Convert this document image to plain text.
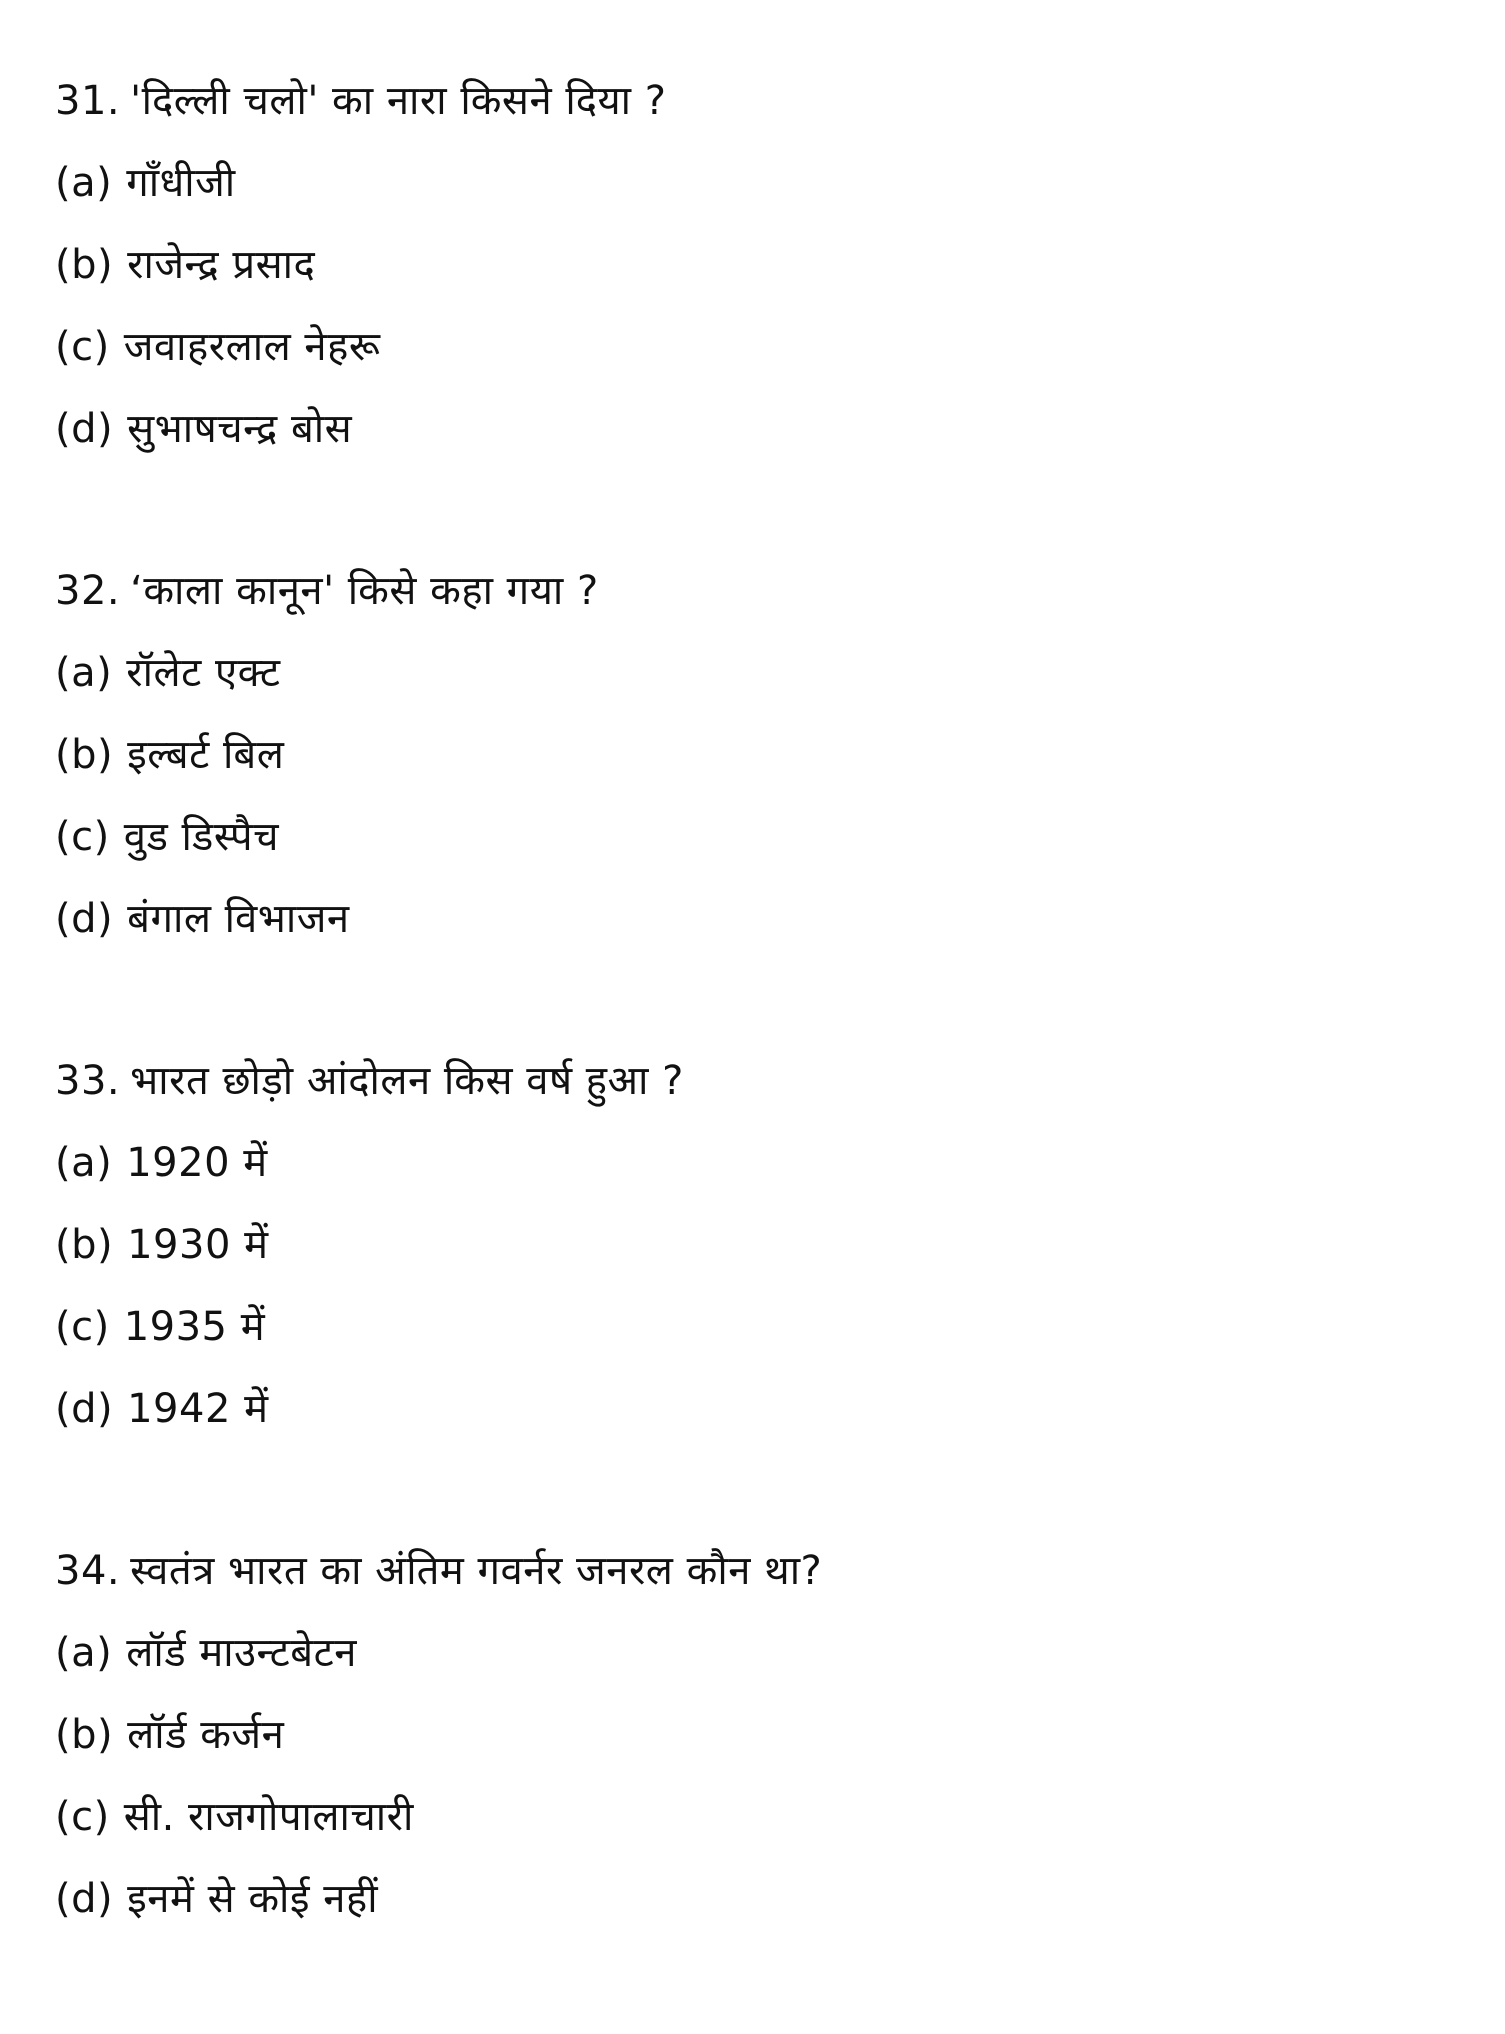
31. 'दिल्ली चलो' का नारा किसने दिया ?
(a) गाँधीजी
(b) राजेन्द्र प्रसाद
(c) जवाहरलाल नेहरू
(d) सुभाषचन्द्र बोस
32. ‘काला कानून' किसे कहा गया ?
(a) रॉलेट एक्ट
(b) इल्बर्ट बिल
(c) वुड डिस्पैच
(d) बंगाल विभाजन
33. भारत छोड़ो आंदोलन किस वर्ष हुआ ?
(a) 1920 में
(b) 1930 में
(c) 1935 में
(d) 1942 में
34. स्वतंत्र भारत का अंतिम गवर्नर जनरल कौन था?
(a) लॉर्ड माउन्टबेटन
(b) लॉर्ड कर्जन
(c) सी. राजगोपालाचारी
(d) इनमें से कोई नहीं
